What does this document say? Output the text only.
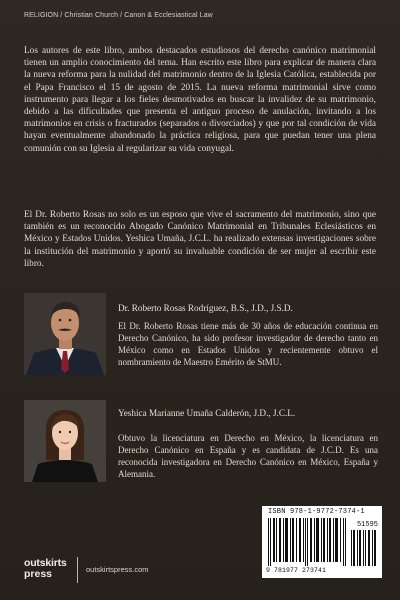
RELIGION / Christian Church / Canon & Ecclesiastical Law
Los autores de este libro, ambos destacados estudiosos del derecho canónico matrimonial tienen un amplio conocimiento del tema. Han escrito este libro para explicar de manera clara la nueva reforma para la nulidad del matrimonio dentro de la Iglesia Católica, establecida por el Papa Francisco el 15 de agosto de 2015. La nueva reforma matrimonial sirve como instrumento para llegar a los fieles desmotivados en buscar la invalidez de su matrimonio, debido a las dificultades que presenta el antiguo proceso de anulación, invitando a los matrimonios en crisis o fracturados (separados o divorciados) y que por tal condición de vida hayan eventualmente abandonado la práctica religiosa, para que puedan tener una plena comunión con su Iglesia al regularizar su vida conyugal.
El Dr. Roberto Rosas no solo es un esposo que vive el sacramento del matrimonio, sino que también es un reconocido Abogado Canónico Matrimonial en Tribunales Eclesiásticos en México y Estados Unidos. Yeshica Umaña, J.C.L. ha realizado extensas investigaciones sobre la institución del matrimonio y aportó su invaluable condición de ser mujer al escribir este libro.
Dr. Roberto Rosas Rodríguez, B.S., J.D., J.S.D.
El Dr. Roberto Rosas tiene más de 30 años de educación continua en Derecho Canónico, ha sido profesor investigador de derecho tanto en México como en Estados Unidos y recientemente obtuvo el nombramiento de Maestro Emérito de StMU.
Yeshica Marianne Umaña Calderón, J.D., J.C.L.
Obtuvo la licenciatura en Derecho en México, la licenciatura en Derecho Canónico en España y es candidata de J.C.D. Es una reconocida investigadora en Derecho Canónico en México, España y Alemania.
ISBN 978-1-9772-7374-1
51595
9 781977 273741
outskirts
press	outskirtspress.com
